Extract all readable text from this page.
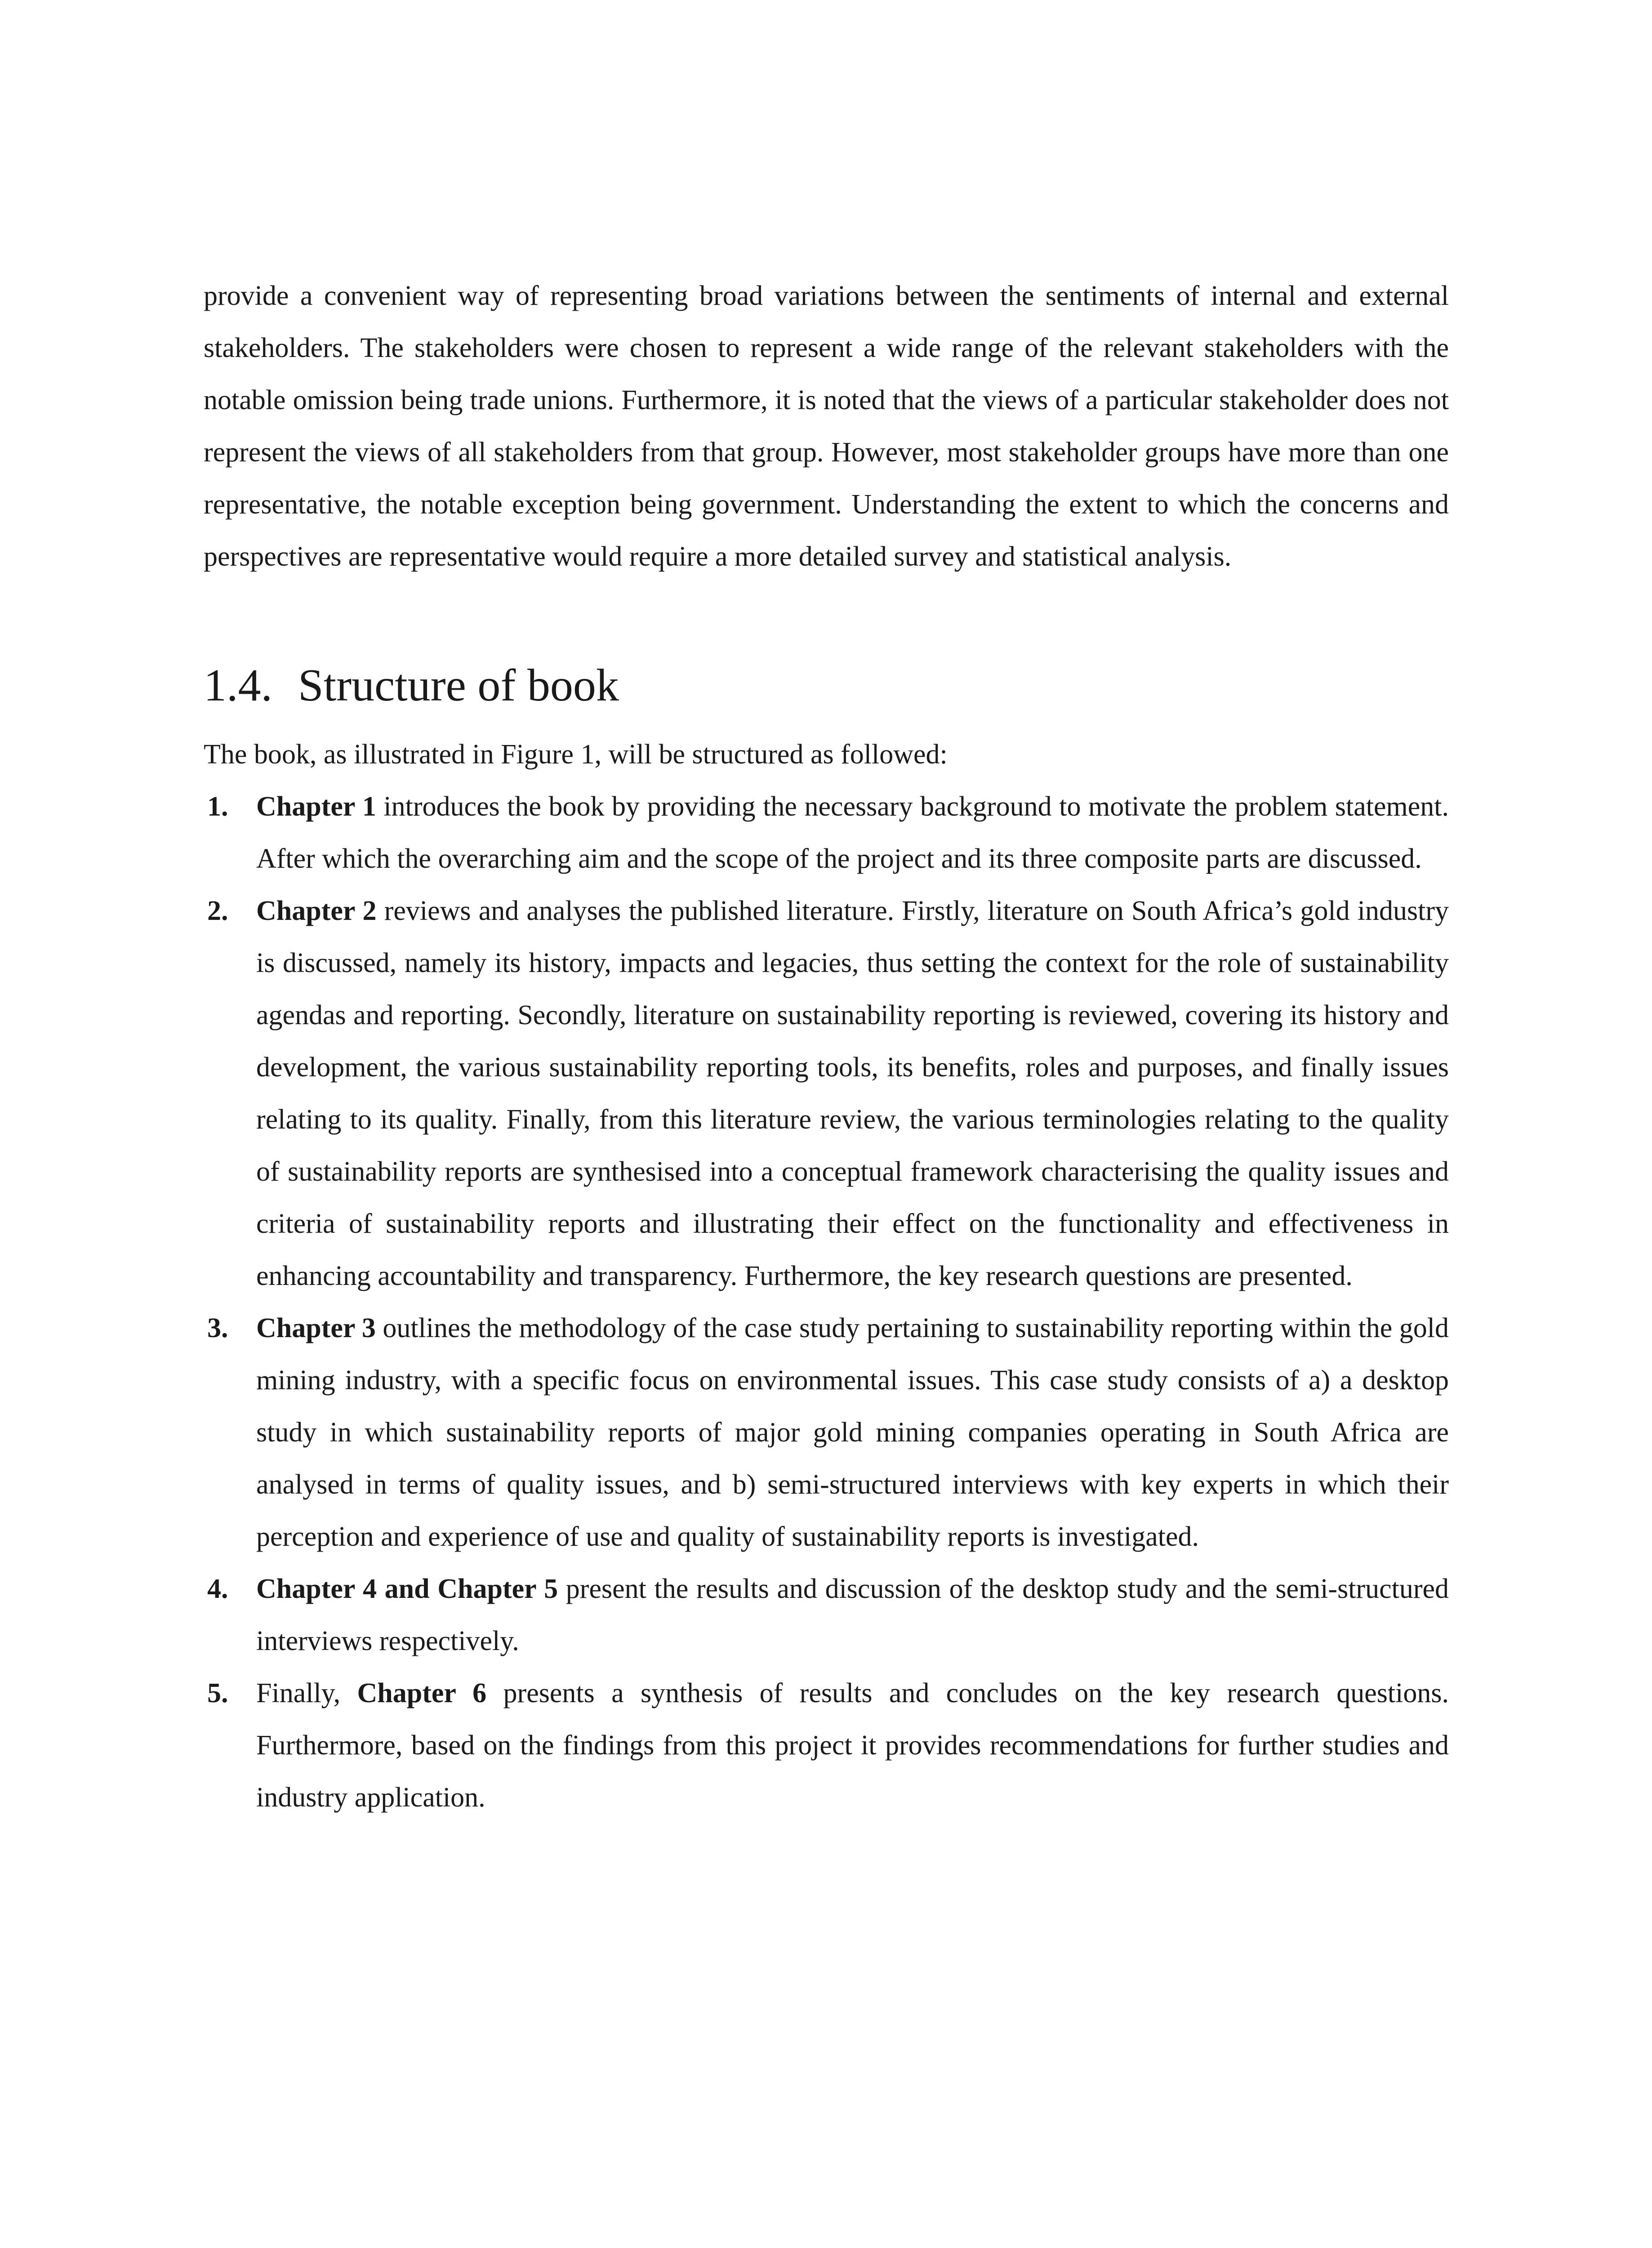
provide a convenient way of representing broad variations between the sentiments of internal and external stakeholders. The stakeholders were chosen to represent a wide range of the relevant stakeholders with the notable omission being trade unions. Furthermore, it is noted that the views of a particular stakeholder does not represent the views of all stakeholders from that group. However, most stakeholder groups have more than one representative, the notable exception being government. Understanding the extent to which the concerns and perspectives are representative would require a more detailed survey and statistical analysis.

1.4. Structure of book
The book, as illustrated in Figure 1, will be structured as followed:
1. Chapter 1 introduces the book by providing the necessary background to motivate the problem statement. After which the overarching aim and the scope of the project and its three composite parts are discussed.
2. Chapter 2 reviews and analyses the published literature. Firstly, literature on South Africa’s gold industry is discussed, namely its history, impacts and legacies, thus setting the context for the role of sustainability agendas and reporting. Secondly, literature on sustainability reporting is reviewed, covering its history and development, the various sustainability reporting tools, its benefits, roles and purposes, and finally issues relating to its quality. Finally, from this literature review, the various terminologies relating to the quality of sustainability reports are synthesised into a conceptual framework characterising the quality issues and criteria of sustainability reports and illustrating their effect on the functionality and effectiveness in enhancing accountability and transparency. Furthermore, the key research questions are presented.
3. Chapter 3 outlines the methodology of the case study pertaining to sustainability reporting within the gold mining industry, with a specific focus on environmental issues. This case study consists of a) a desktop study in which sustainability reports of major gold mining companies operating in South Africa are analysed in terms of quality issues, and b) semi-structured interviews with key experts in which their perception and experience of use and quality of sustainability reports is investigated.
4. Chapter 4 and Chapter 5 present the results and discussion of the desktop study and the semi-structured interviews respectively.
5. Finally, Chapter 6 presents a synthesis of results and concludes on the key research questions. Furthermore, based on the findings from this project it provides recommendations for further studies and industry application.
